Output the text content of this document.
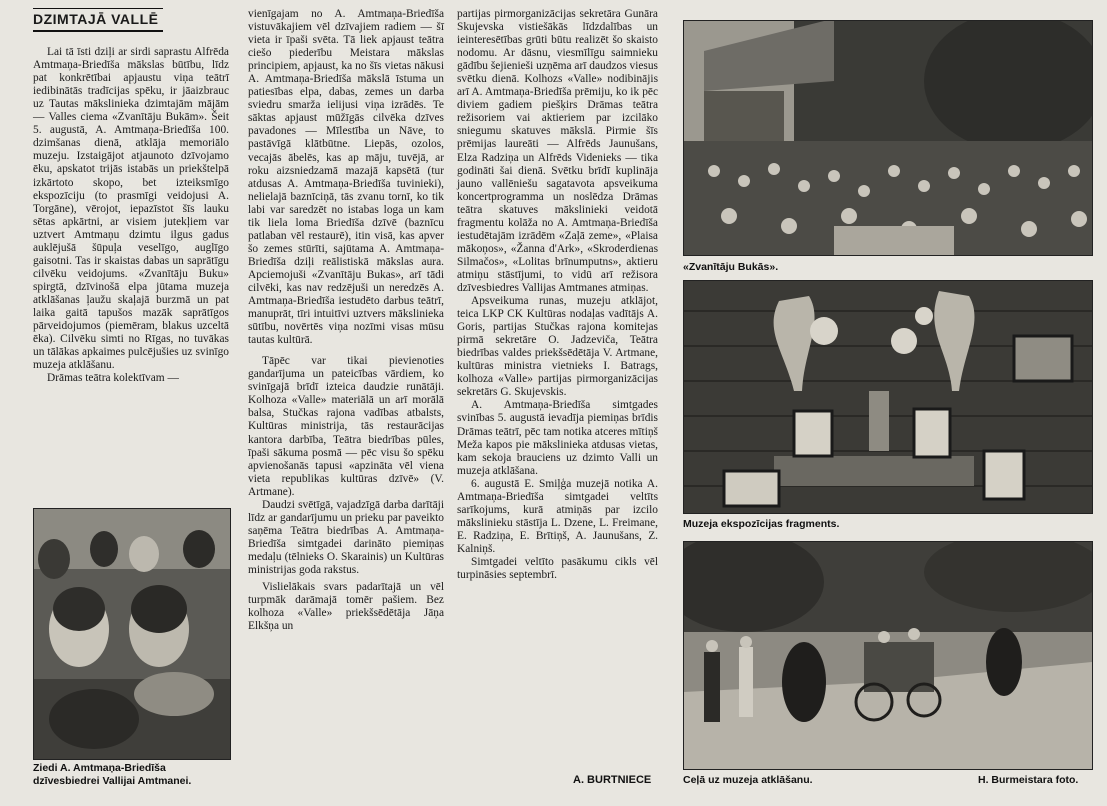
DZIMTAJĀ VALLĒ

Lai tā īsti dziļi ar sirdi saprastu Alfrēda Amtmaņa-Briedīša mākslas būtību, līdz pat konkrētībai apjaustu viņa teātrī iedibinātās tradīcijas spēku, ir jāaizbrauc uz Tautas mākslinieka dzimtajām mājām — Valles ciema «Zvanītāju Bukām». Šeit 5. augustā, A. Amtmaņa-Briedīša 100. dzimšanas dienā, atklāja memoriālo muzeju. Izstaigājot atjaunoto dzīvojamo ēku, apskatot trijās istabās un priekštelpā izkārtoto skopo, bet izteiksmīgo ekspozīciju (to prasmīgi veidojusi A. Torgāne), vērojot, iepazīstot šīs lauku sētas apkārtni, ar visiem jutekļiem var uztvert Amtmaņu dzimtu ilgus gadus auklējušā šūpuļa veselīgo, auglīgo gaisotni. Tas ir skaistas dabas un saprātīgu cilvēku veidojums. «Zvanītāju Buku» spirgtā, dzīvinošā elpa jūtama muzeja atklāšanas ļaužu skaļajā burzmā un pat laika gaitā tapušos mazāk saprātīgos pārveidojumos (piemēram, blakus uzceltā ēka). Cilvēku simti no Rīgas, no tuvākas un tālākas apkaimes pulcējušies uz svinīgo muzeja atklāšanu.

Drāmas teātra kolektīvam —

Ziedi A. Amtmaņa-Briedīša dzīvesbiedrei Vallijai Amtmanei.

vienīgajam no A. Amtmaņa-Briedīša vistuvākajiem vēl dzīvajiem radiem — šī vieta ir īpaši svēta. Tā liek apjaust teātra ciešo piederību Meistara mākslas principiem, apjaust, ka no šīs vietas nākusi A. Amtmaņa-Briedīša mākslā īstuma un patiesības elpa, dabas, zemes un darba sviedru smarža ielijusi viņa izrādēs. Te sāktas apjaust mūžīgās cilvēka dzīves pavadones — Mīlestība un Nāve, to pastāvīgā klātbūtne. Liepās, ozolos, vecajās ābelēs, kas ap māju, tuvējā, ar roku aizsniedzamā mazajā kapsētā (tur atdusas A. Amtmaņa-Briedīša tuvinieki), nelielajā baznīciņā, tās zvanu tornī, ko tik labi var saredzēt no istabas loga un kam tik liela loma Briedīša dzīvē (baznīcu patlaban vēl restaurē), itin visā, kas apver šo zemes stūrīti, sajūtama A. Amtmaņa-Briedīša dziļi reālistiskā mākslas aura. Apciemojuši «Zvanītāju Bukas», arī tādi cilvēki, kas nav redzējuši un neredzēs A. Amtmaņa-Briedīša iestudēto darbus teātrī, manuprāt, tīri intuitīvi uztvers mākslinieka sūtību, novērtēs viņa nozīmi visas mūsu tautas kultūrā.

Tāpēc var tikai pievienoties gandarījuma un pateicības vārdiem, ko svinīgajā brīdī izteica daudzie runātāji. Kolhoza «Valle» materiālā un arī morālā balsa, Stučkas rajona vadības atbalsts, Kultūras ministrija, tās restaurācijas kantora darbība, Teātra biedrības pūles, īpaši sākuma posmā — pēc visu šo spēku apvienošanās tapusi «apzināta vēl viena vieta republikas kultūras dzīvē» (V. Artmane).

Daudzi svētīgā, vajadzīgā darba darītāji līdz ar gandarījumu un prieku par paveikto saņēma Teātra biedrības A. Amtmaņa-Briedīša simtgadei darināto piemiņas medaļu (tēlnieks O. Skarainis) un Kultūras ministrijas goda rakstus.

Vislielākais svars padarītajā un vēl turpmāk darāmajā tomēr pašiem. Bez kolhoza «Valle» priekšsēdētāja Jāņa Elkšņa un

partijas pirmorganizācijas sekretāra Gunāra Skujevska vistiešākās līdzdalības un ieinteresētības grūti būtu realizēt šo skaisto nodomu. Ar dāsnu, viesmīlīgu saimnieku gādību šejienieši uzņēma arī daudzos viesus svētku dienā. Kolhozs «Valle» nodibinājis arī A. Amtmaņa-Briedīša prēmiju, ko ik pēc diviem gadiem piešķirs Drāmas teātra režisoriem vai aktieriem par izcilāko sniegumu skatuves mākslā. Pirmie šīs prēmijas laureāti — Alfrēds Jaunušans, Elza Radziņa un Alfrēds Videnieks — tika godināti šai dienā. Svētku brīdī kuplināja jauno vallēniešu sagatavota apsveikuma koncertprogramma un noslēdza Drāmas teātra skatuves mākslinieki veidotā fragmentu kolāža no A. Amtmaņa-Briedīša iestudētajām izrādēm «Zaļā zeme», «Plaisa mākoņos», «Žanna d'Ark», «Skroderdienas Silmačos», «Lolitas brīnumputns», aktieru atmiņu stāstījumi, to vidū arī režisora dzīvesbiedres Vallijas Amtmanes atmiņas.

Apsveikuma runas, muzeju atklājot, teica LKP CK Kultūras nodaļas vadītājs A. Goris, partijas Stučkas rajona komitejas pirmā sekretāre O. Jadzeviča, Teātra biedrības valdes priekšsēdētāja V. Artmane, kultūras ministra vietnieks I. Batrags, kolhoza «Valle» partijas pirmorganizācijas sekretārs G. Skujevskis.

A. Amtmaņa-Briedīša simtgades svinības 5. augustā ievadīja piemiņas brīdis Drāmas teātrī, pēc tam notika atceres mītiņš Meža kapos pie mākslinieka atdusas vietas, kam sekoja brauciens uz dzimto Valli un muzeja atklāšana.

6. augustā E. Smiļģa muzejā notika A. Amtmaņa-Briedīša simtgadei veltīts sarīkojums, kurā atmiņās par izcilo mākslinieku stāstīja L. Dzene, L. Freimane, E. Radziņa, E. Brītiņš, A. Jaunušans, Z. Kalniņš.

Simtgadei veltīto pasākumu cikls vēl turpināsies septembrī.

A. BURTNIECE
«Zvanītāju Bukās».
Muzeja ekspozīcijas fragments.
Ceļā uz muzeja atklāšanu.	H. Burmeistara foto.
